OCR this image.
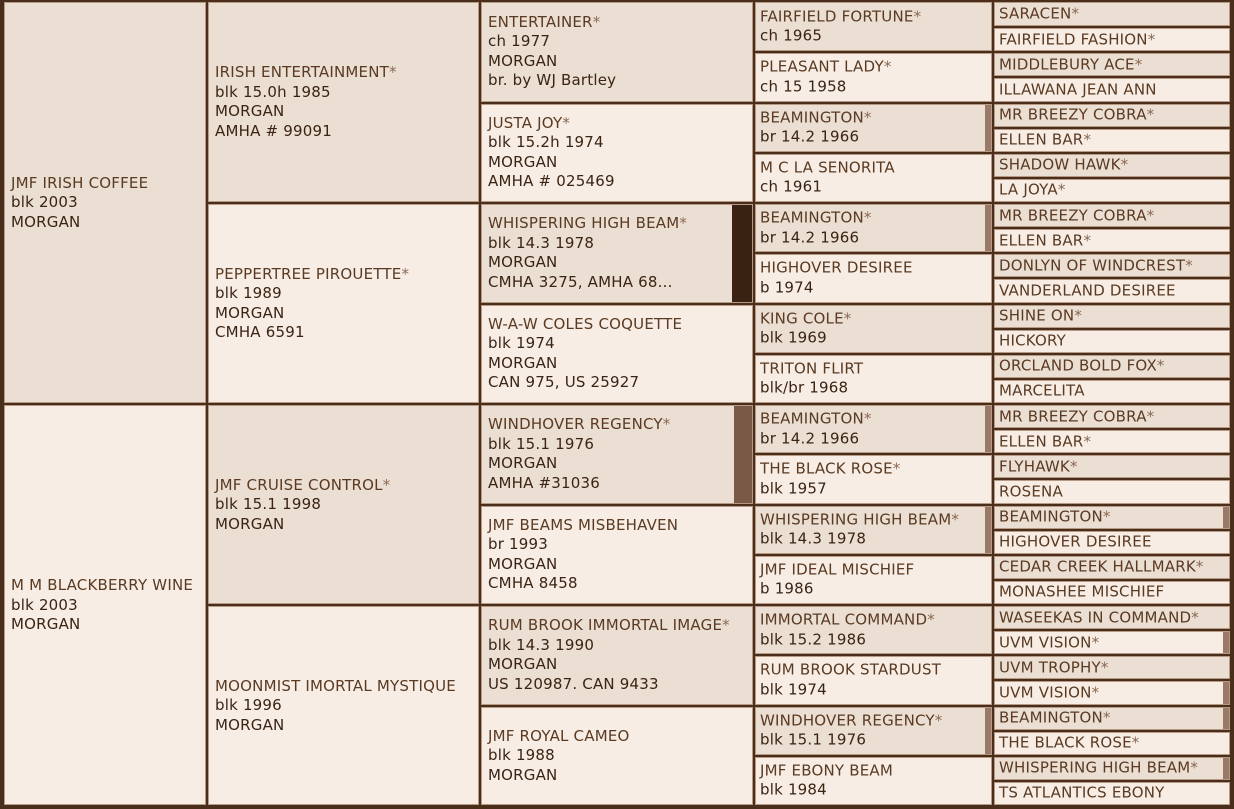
JMF IRISH COFFEE
blk 2003
MORGAN
M M BLACKBERRY WINE
blk 2003
MORGAN
IRISH ENTERTAINMENT*
blk 15.0h 1985
MORGAN
AMHA # 99091
PEPPERTREE PIROUETTE*
blk 1989
MORGAN
CMHA 6591
JMF CRUISE CONTROL*
blk 15.1 1998
MORGAN
MOONMIST IMORTAL MYSTIQUE
blk 1996
MORGAN
ENTERTAINER*
ch 1977
MORGAN
br. by WJ Bartley
JUSTA JOY*
blk 15.2h 1974
MORGAN
AMHA # 025469
WHISPERING HIGH BEAM*
blk 14.3 1978
MORGAN
CMHA 3275, AMHA 68...
W-A-W COLES COQUETTE
blk 1974
MORGAN
CAN 975, US 25927
WINDHOVER REGENCY*
blk 15.1 1976
MORGAN
AMHA #31036
JMF BEAMS MISBEHAVEN
br 1993
MORGAN
CMHA 8458
RUM BROOK IMMORTAL IMAGE*
blk 14.3 1990
MORGAN
US 120987. CAN 9433
JMF ROYAL CAMEO
blk 1988
MORGAN
FAIRFIELD FORTUNE*
ch 1965
PLEASANT LADY*
ch 15 1958
BEAMINGTON*
br 14.2 1966
M C LA SENORITA
ch 1961
BEAMINGTON*
br 14.2 1966
HIGHOVER DESIREE
b 1974
KING COLE*
blk 1969
TRITON FLIRT
blk/br 1968
BEAMINGTON*
br 14.2 1966
THE BLACK ROSE*
blk 1957
WHISPERING HIGH BEAM*
blk 14.3 1978
JMF IDEAL MISCHIEF
b 1986
IMMORTAL COMMAND*
blk 15.2 1986
RUM BROOK STARDUST
blk 1974
WINDHOVER REGENCY*
blk 15.1 1976
JMF EBONY BEAM
blk 1984
SARACEN*
FAIRFIELD FASHION*
MIDDLEBURY ACE*
ILLAWANA JEAN ANN
MR BREEZY COBRA*
ELLEN BAR*
SHADOW HAWK*
LA JOYA*
MR BREEZY COBRA*
ELLEN BAR*
DONLYN OF WINDCREST*
VANDERLAND DESIREE
SHINE ON*
HICKORY
ORCLAND BOLD FOX*
MARCELITA
MR BREEZY COBRA*
ELLEN BAR*
FLYHAWK*
ROSENA
BEAMINGTON*
HIGHOVER DESIREE
CEDAR CREEK HALLMARK*
MONASHEE MISCHIEF
WASEEKAS IN COMMAND*
UVM VISION*
UVM TROPHY*
UVM VISION*
BEAMINGTON*
THE BLACK ROSE*
WHISPERING HIGH BEAM*
TS ATLANTICS EBONY
